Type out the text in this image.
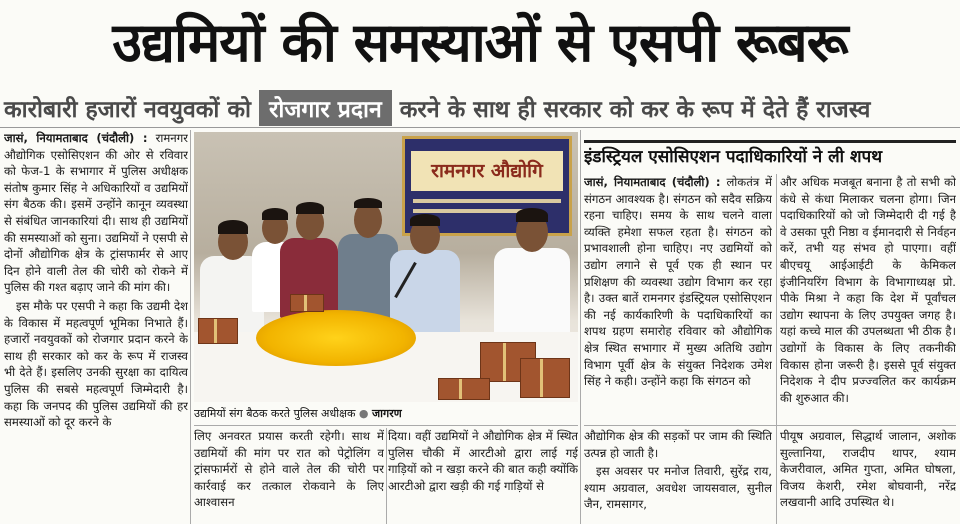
उद्यमियों की समस्याओं से एसपी रूबरू
कारोबारी हजारों नवयुवकों को रोजगार प्रदान करने के साथ ही सरकार को कर के रूप में देते हैं राजस्व

जासं, नियामताबाद (चंदौली) : रामनगर औद्योगिक एसोसिएशन की ओर से रविवार को फेज-1 के सभागार में पुलिस अधीक्षक संतोष कुमार सिंह ने अधिकारियों व उद्यमियों संग बैठक की। इसमें उन्होंने कानून व्यवस्था से संबंधित जानकारियां दी। साथ ही उद्यमियों की समस्याओं को सुना। उद्यमियों ने एसपी से दोनों औद्योगिक क्षेत्र के ट्रांसफार्मर से आए दिन होने वाली तेल की चोरी को रोकने में पुलिस की गश्त बढ़ाए जाने की मांग की।

इस मौके पर एसपी ने कहा कि उद्यमी देश के विकास में महत्वपूर्ण भूमिका निभाते हैं। हजारों नवयुवकों को रोजगार प्रदान करने के साथ ही सरकार को कर के रूप में राजस्व भी देते हैं। इसलिए उनकी सुरक्षा का दायित्व पुलिस की सबसे महत्वपूर्ण जिम्मेदारी है। कहा कि जनपद की पुलिस उद्यमियों की हर समस्याओं को दूर करने के

रामनगर औद्योगि
उद्यमियों संग बैठक करते पुलिस अधीक्षक ● जागरण

लिए अनवरत प्रयास करती रहेगी। साथ में उद्यमियों की मांग पर रात को पेट्रोलिंग व ट्रांसफार्मरों से होने वाले तेल की चोरी पर कार्रवाई कर तत्काल रोकवाने के लिए आश्वासन

दिया। वहीं उद्यमियों ने औद्योगिक क्षेत्र में स्थित पुलिस चौकी में आरटीओ द्वारा लाई गई गाड़ियों को न खड़ा करने की बात कही क्योंकि आरटीओ द्वारा खड़ी की गई गाड़ियों से

इंडस्ट्रियल एसोसिएशन पदाधिकारियों ने ली शपथ

जासं, नियामताबाद (चंदौली) : लोकतंत्र में संगठन आवश्यक है। संगठन को सदैव सक्रिय रहना चाहिए। समय के साथ चलने वाला व्यक्ति हमेशा सफल रहता है। संगठन को प्रभावशाली होना चाहिए। नए उद्यमियों को उद्योग लगाने से पूर्व एक ही स्थान पर प्रशिक्षण की व्यवस्था उद्योग विभाग कर रहा है। उक्त बातें रामनगर इंडस्ट्रियल एसोसिएशन की नई कार्यकारिणी के पदाधिकारियों का शपथ ग्रहण समारोह रविवार को औद्योगिक क्षेत्र स्थित सभागार में मुख्य अतिथि उद्योग विभाग पूर्वी क्षेत्र के संयुक्त निदेशक उमेश सिंह ने कही। उन्होंने कहा कि संगठन को

और अधिक मजबूत बनाना है तो सभी को कंधे से कंधा मिलाकर चलना होगा। जिन पदाधिकारियों को जो जिम्मेदारी दी गई है वे उसका पूरी निष्ठा व ईमानदारी से निर्वहन करें, तभी यह संभव हो पाएगा। वहीं बीएचयू आईआईटी के केमिकल इंजीनियरिंग विभाग के विभागाध्यक्ष प्रो. पीके मिश्रा ने कहा कि देश में पूर्वांचल उद्योग स्थापना के लिए उपयुक्त जगह है। यहां कच्चे माल की उपलब्धता भी ठीक है। उद्योगों के विकास के लिए तकनीकी विकास होना जरूरी है। इससे पूर्व संयुक्त निदेशक ने दीप प्रज्ज्वलित कर कार्यक्रम की शुरुआत की।

औद्योगिक क्षेत्र की सड़कों पर जाम की स्थिति उत्पन्न हो जाती है।

इस अवसर पर मनोज तिवारी, सुरेंद्र राय, श्याम अग्रवाल, अवधेश जायसवाल, सुनील जैन, रामसागर,

पीयूष अग्रवाल, सिद्धार्थ जालान, अशोक सुल्तानिया, राजदीप थापर, श्याम केजरीवाल, अमित गुप्ता, अमित घोषला, विजय केशरी, रमेश बोघवानी, नरेंद्र लखवानी आदि उपस्थित थे।
